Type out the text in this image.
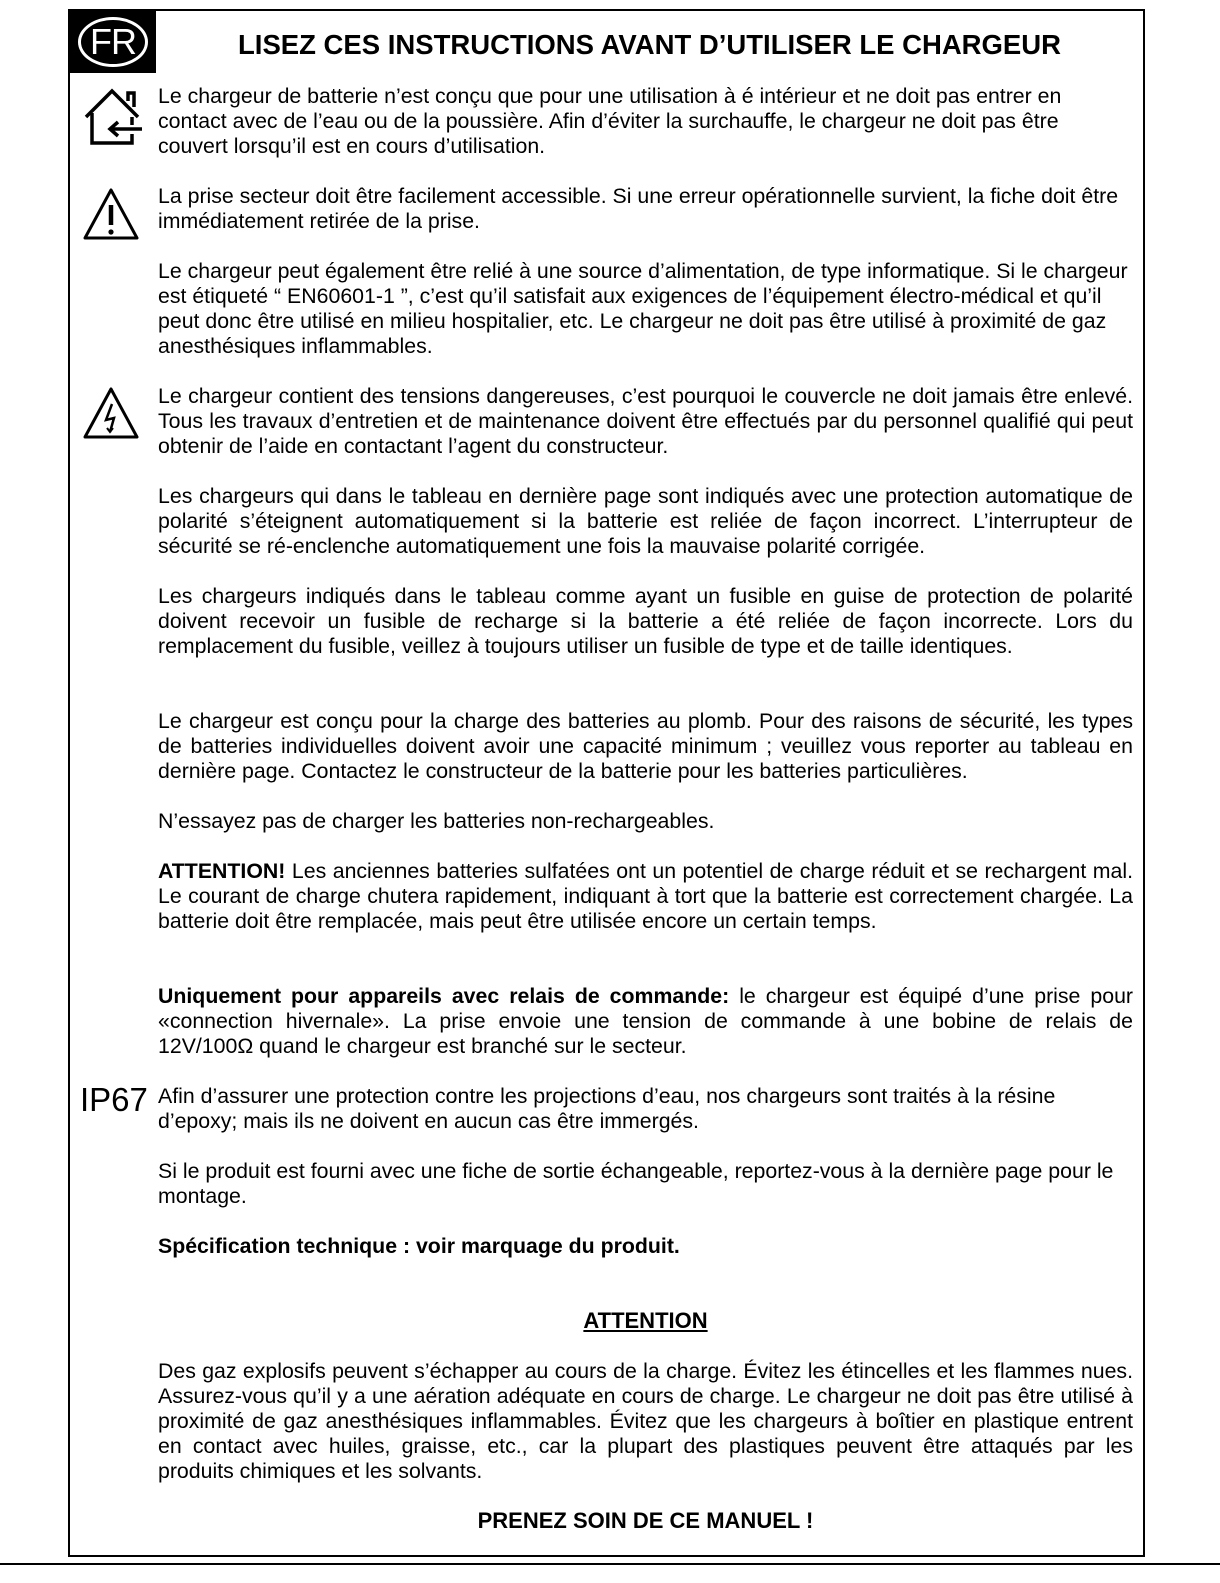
FR	LISEZ CES INSTRUCTIONS AVANT D’UTILISER LE CHARGEUR
IP67

Le chargeur de batterie n’est conçu que pour une utilisation à é intérieur et ne doit pas entrer en contact avec de l’eau ou de la poussière. Afin d’éviter la surchauffe, le chargeur ne doit pas être couvert lorsqu’il est en cours d’utilisation.

La prise secteur doit être facilement accessible. Si une erreur opérationnelle survient, la fiche doit être immédiatement retirée de la prise.

Le chargeur peut également être relié à une source d’alimentation, de type informatique. Si le chargeur est étiqueté “ EN60601-1 ”, c’est qu’il satisfait aux exigences de l’équipement électro-médical et qu’il peut donc être utilisé en milieu hospitalier, etc. Le chargeur ne doit pas être utilisé à proximité de gaz anesthésiques inflammables.

Le chargeur contient des tensions dangereuses, c’est pourquoi le couvercle ne doit jamais être enlevé. Tous les travaux d’entretien et de maintenance doivent être effectués par du personnel qualifié qui peut obtenir de l’aide en contactant l’agent du constructeur.

Les chargeurs qui dans le tableau en dernière page sont indiqués avec une protection automatique de polarité s’éteignent automatiquement si la batterie est reliée de façon incorrect. L’interrupteur de sécurité se ré-enclenche automatiquement une fois la mauvaise polarité corrigée.

Les chargeurs indiqués dans le tableau comme ayant un fusible en guise de protection de polarité doivent recevoir un fusible de recharge si la batterie a été reliée de façon incorrecte. Lors du remplacement du fusible, veillez à toujours utiliser un fusible de type et de taille identiques.

Le chargeur est conçu pour la charge des batteries au plomb. Pour des raisons de sécurité, les types de batteries individuelles doivent avoir une capacité minimum ; veuillez vous reporter au tableau en dernière page. Contactez le constructeur de la batterie pour les batteries particulières.

N’essayez pas de charger les batteries non-rechargeables.

ATTENTION! Les anciennes batteries sulfatées ont un potentiel de charge réduit et se rechargent mal. Le courant de charge chutera rapidement, indiquant à tort que la batterie est correctement chargée. La batterie doit être remplacée, mais peut être utilisée encore un certain temps.

Uniquement pour appareils avec relais de commande: le chargeur est équipé d’une prise pour «connection hivernale». La prise envoie une tension de commande à une bobine de relais de 12V/100Ω quand le chargeur est branché sur le secteur.

Afin d’assurer une protection contre les projections d’eau, nos chargeurs sont traités à la résine d’epoxy; mais ils ne doivent en aucun cas être immergés.

Si le produit est fourni avec une fiche de sortie échangeable, reportez-vous à la dernière page pour le montage.

Spécification technique : voir marquage du produit.

ATTENTION

Des gaz explosifs peuvent s’échapper au cours de la charge. Évitez les étincelles et les flammes nues. Assurez-vous qu’il y a une aération adéquate en cours de charge. Le chargeur ne doit pas être utilisé à proximité de gaz anesthésiques inflammables. Évitez que les chargeurs à boîtier en plastique entrent en contact avec huiles, graisse, etc., car la plupart des plastiques peuvent être attaqués par les produits chimiques et les solvants.

PRENEZ SOIN DE CE MANUEL !
